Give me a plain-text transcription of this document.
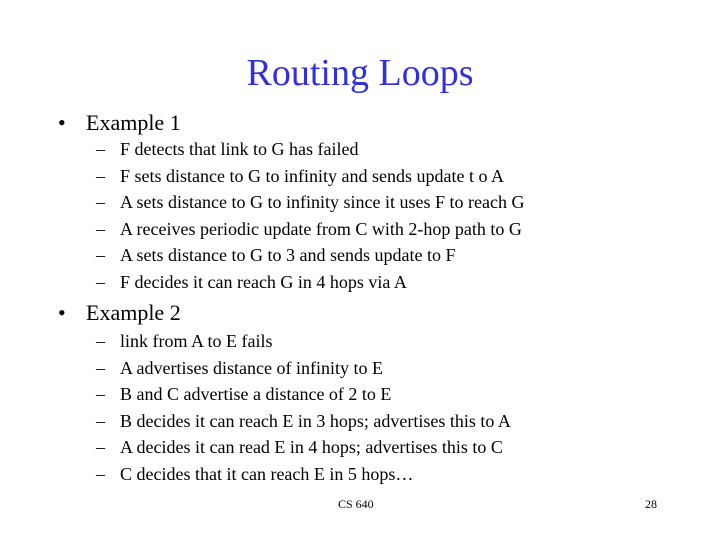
Routing Loops
• Example 1
– F detects that link to G has failed
– F sets distance to G to infinity and sends update t o A
– A sets distance to G to infinity since it uses F to reach G
– A receives periodic update from C with 2-hop path to G
– A sets distance to G to 3 and sends update to F
– F decides it can reach G in 4 hops via A
• Example 2
– link from A to E fails
– A advertises distance of infinity to E
– B and C advertise a distance of 2 to E
– B decides it can reach E in 3 hops; advertises this to A
– A decides it can read E in 4 hops; advertises this to C
– C decides that it can reach E in 5 hops…
CS 640	28
